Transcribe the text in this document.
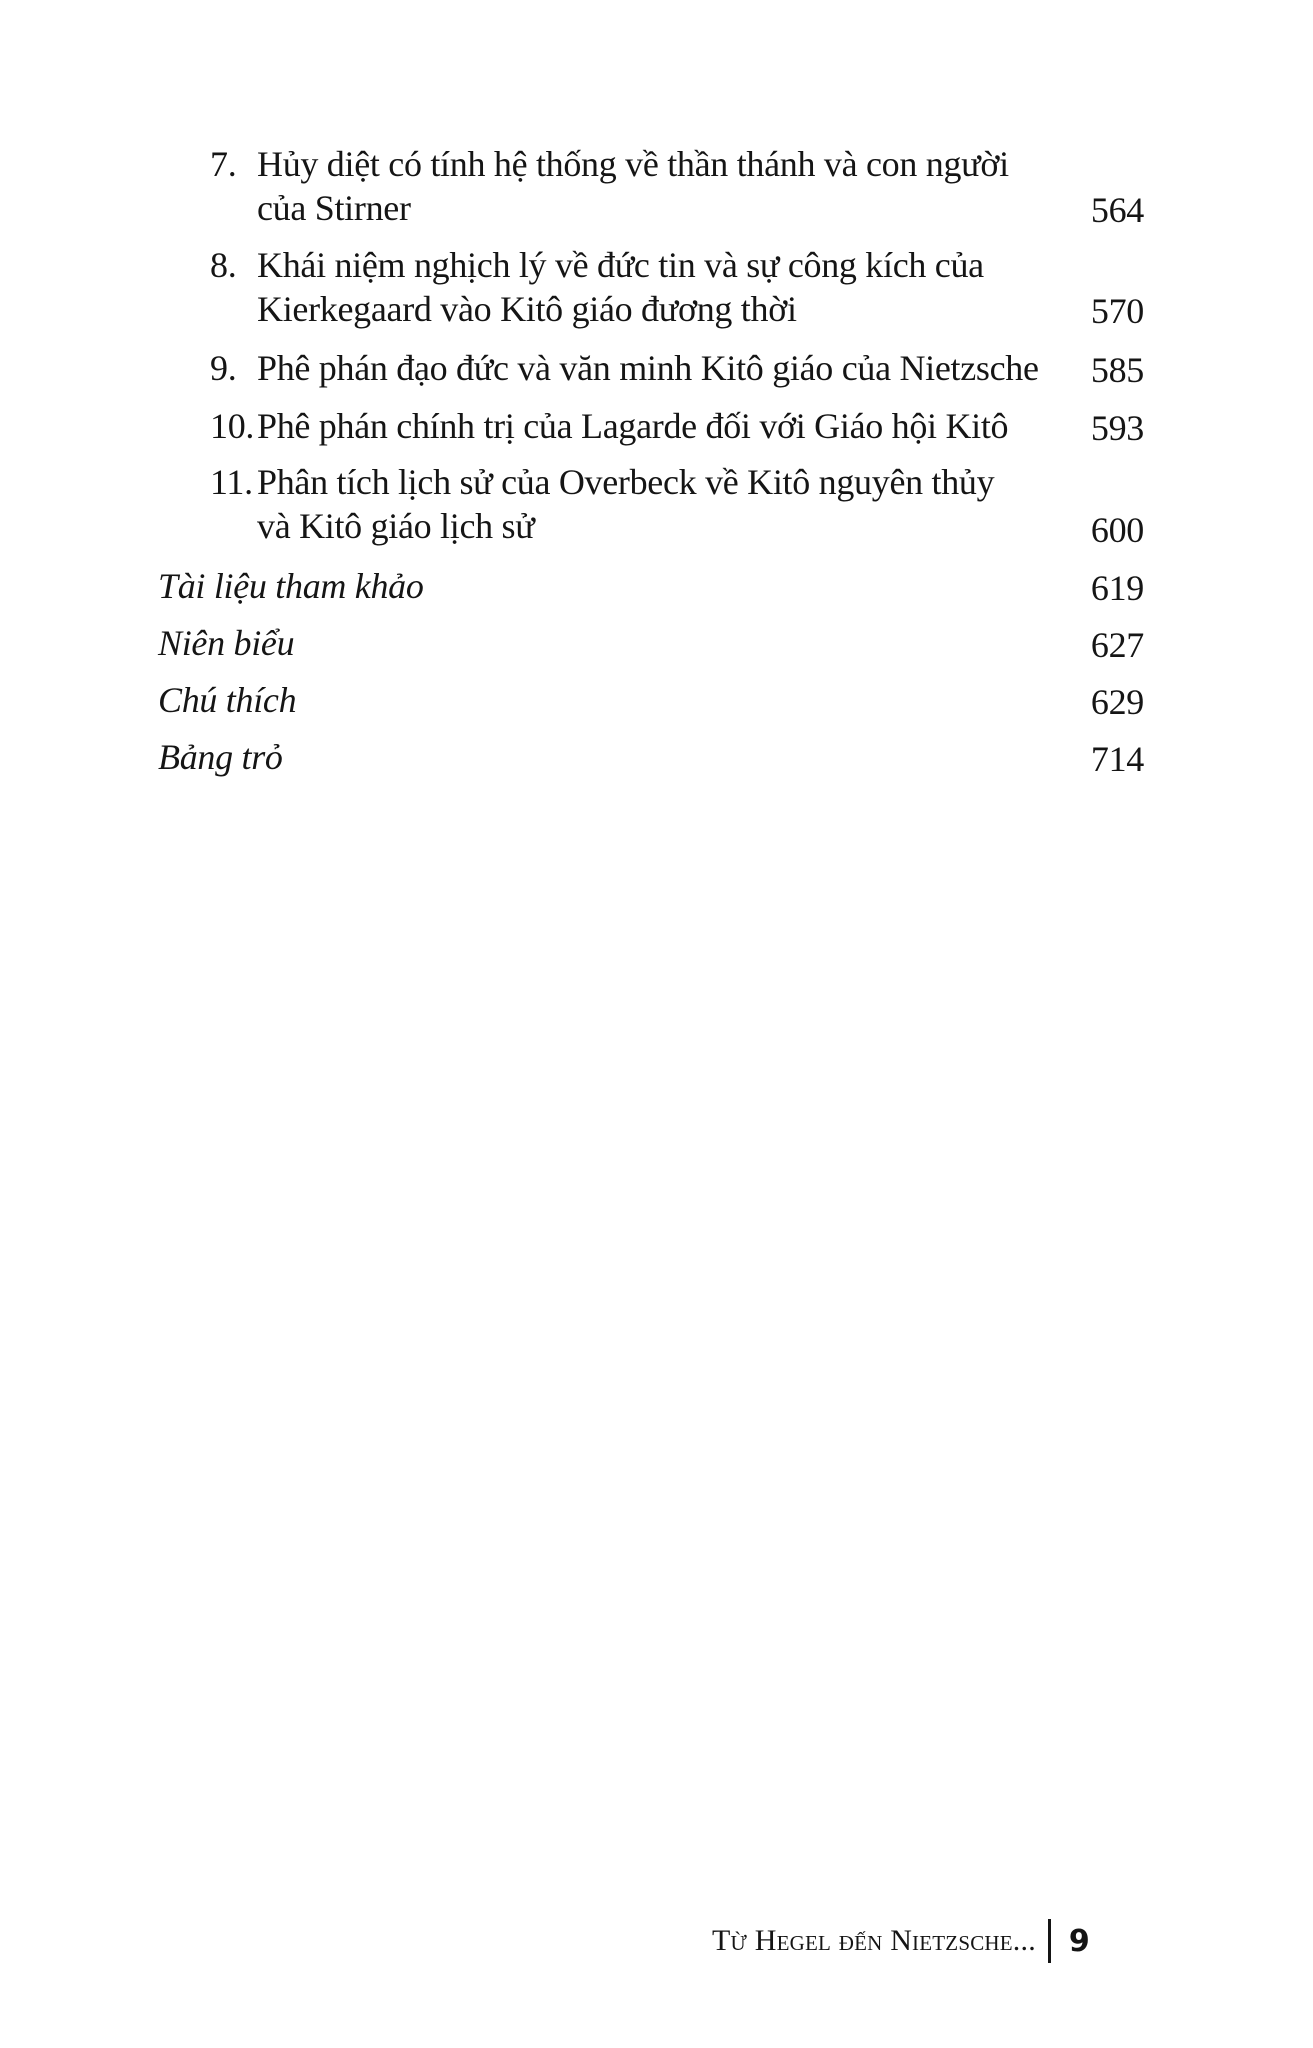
7. Hủy diệt có tính hệ thống về thần thánh và con người
của Stirner	564
8. Khái niệm nghịch lý về đức tin và sự công kích của
Kierkegaard vào Kitô giáo đương thời	570
9. Phê phán đạo đức và văn minh Kitô giáo của Nietzsche 585
10. Phê phán chính trị của Lagarde đối với Giáo hội Kitô 593
11. Phân tích lịch sử của Overbeck về Kitô nguyên thủy
và Kitô giáo lịch sử	600
Tài liệu tham khảo	619
Niên biểu	627
Chú thích	629
Bảng trỏ	714
Từ Hegel đến Nietzsche... 9
